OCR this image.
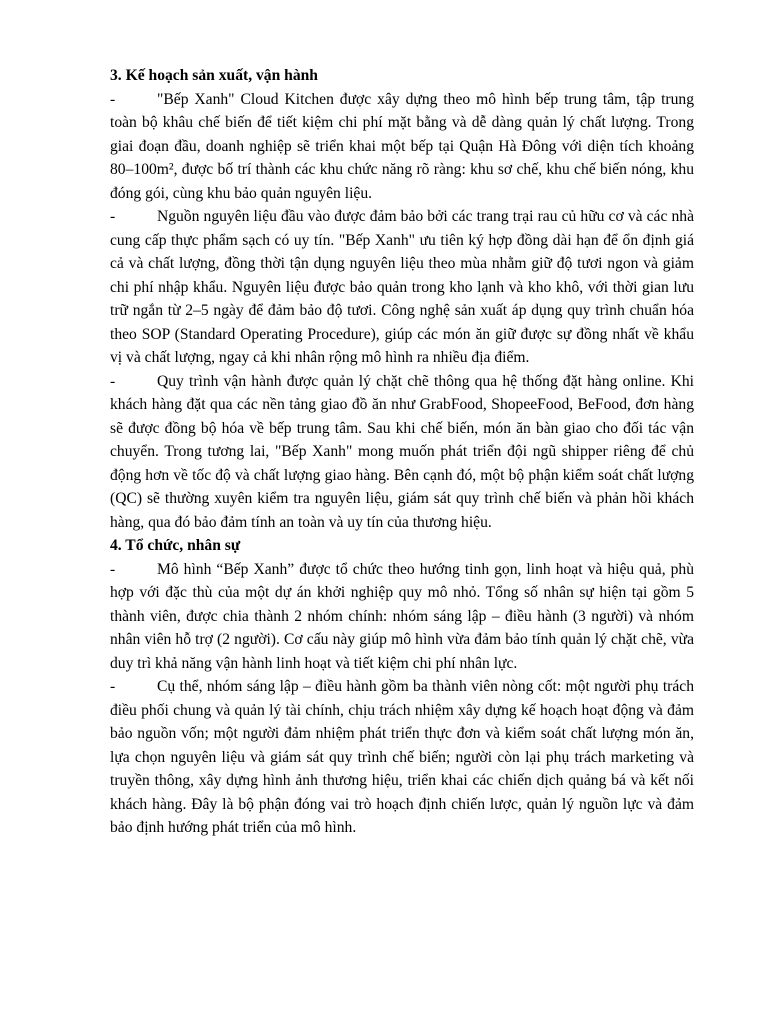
3. Kế hoạch sản xuất, vận hành
-	"Bếp Xanh" Cloud Kitchen được xây dựng theo mô hình bếp trung tâm, tập trung toàn bộ khâu chế biến để tiết kiệm chi phí mặt bằng và dễ dàng quản lý chất lượng. Trong giai đoạn đầu, doanh nghiệp sẽ triển khai một bếp tại Quận Hà Đông với diện tích khoảng 80–100m², được bố trí thành các khu chức năng rõ ràng: khu sơ chế, khu chế biến nóng, khu đóng gói, cùng khu bảo quản nguyên liệu.
-	Nguồn nguyên liệu đầu vào được đảm bảo bởi các trang trại rau củ hữu cơ và các nhà cung cấp thực phẩm sạch có uy tín. "Bếp Xanh" ưu tiên ký hợp đồng dài hạn để ổn định giá cả và chất lượng, đồng thời tận dụng nguyên liệu theo mùa nhằm giữ độ tươi ngon và giảm chi phí nhập khẩu. Nguyên liệu được bảo quản trong kho lạnh và kho khô, với thời gian lưu trữ ngắn từ 2–5 ngày để đảm bảo độ tươi. Công nghệ sản xuất áp dụng quy trình chuẩn hóa theo SOP (Standard Operating Procedure), giúp các món ăn giữ được sự đồng nhất về khẩu vị và chất lượng, ngay cả khi nhân rộng mô hình ra nhiều địa điểm.
-	Quy trình vận hành được quản lý chặt chẽ thông qua hệ thống đặt hàng online. Khi khách hàng đặt qua các nền tảng giao đồ ăn như GrabFood, ShopeeFood, BeFood, đơn hàng sẽ được đồng bộ hóa về bếp trung tâm. Sau khi chế biến, món ăn bàn giao cho đối tác vận chuyển. Trong tương lai, "Bếp Xanh" mong muốn phát triển đội ngũ shipper riêng để chủ động hơn về tốc độ và chất lượng giao hàng. Bên cạnh đó, một bộ phận kiểm soát chất lượng (QC) sẽ thường xuyên kiểm tra nguyên liệu, giám sát quy trình chế biến và phản hồi khách hàng, qua đó bảo đảm tính an toàn và uy tín của thương hiệu.
4. Tổ chức, nhân sự
-	Mô hình “Bếp Xanh” được tổ chức theo hướng tinh gọn, linh hoạt và hiệu quả, phù hợp với đặc thù của một dự án khởi nghiệp quy mô nhỏ. Tổng số nhân sự hiện tại gồm 5 thành viên, được chia thành 2 nhóm chính: nhóm sáng lập – điều hành (3 người) và nhóm nhân viên hỗ trợ (2 người). Cơ cấu này giúp mô hình vừa đảm bảo tính quản lý chặt chẽ, vừa duy trì khả năng vận hành linh hoạt và tiết kiệm chi phí nhân lực.
-	Cụ thể, nhóm sáng lập – điều hành gồm ba thành viên nòng cốt: một người phụ trách điều phối chung và quản lý tài chính, chịu trách nhiệm xây dựng kế hoạch hoạt động và đảm bảo nguồn vốn; một người đảm nhiệm phát triển thực đơn và kiểm soát chất lượng món ăn, lựa chọn nguyên liệu và giám sát quy trình chế biến; người còn lại phụ trách marketing và truyền thông, xây dựng hình ảnh thương hiệu, triển khai các chiến dịch quảng bá và kết nối khách hàng. Đây là bộ phận đóng vai trò hoạch định chiến lược, quản lý nguồn lực và đảm bảo định hướng phát triển của mô hình.
